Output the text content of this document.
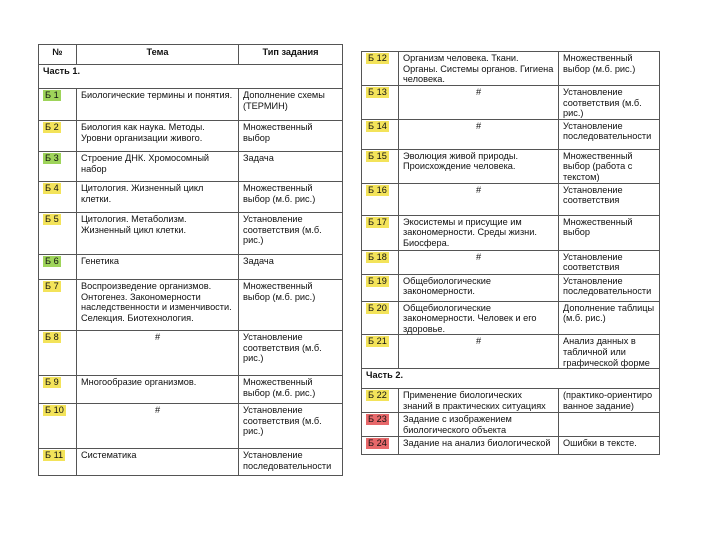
№	Тема	Тип задания
Часть 1.		
Б 1	Биологические термины и понятия.	Дополнение схемы (ТЕРМИН)
Б 2	Биология как наука. Методы. Уровни организации живого.	Множественный выбор
Б 3	Строение ДНК. Хромосомный набор	Задача
Б 4	Цитология. Жизненный цикл клетки.	Множественный выбор (м.б. рис.)
Б 5	Цитология. Метаболизм. Жизненный цикл клетки.	Установление соответствия (м.б. рис.)
Б 6	Генетика	Задача
Б 7	Воспроизведение организмов. Онтогенез. Закономерности наследственности и изменчивости. Селекция. Биотехнология.	Множественный выбор (м.б. рис.)
Б 8	#	Установление соответствия (м.б. рис.)
Б 9	Многообразие организмов.	Множественный выбор (м.б. рис.)
Б 10	#	Установление соответствия (м.б. рис.)
Б 11	Систематика	Установление последовательности
Б 12	Организм человека. Ткани. Органы. Системы органов. Гигиена человека.	Множественный выбор (м.б. рис.)
Б 13	#	Установление соответствия (м.б. рис.)
Б 14	#	Установление последовательности
Б 15	Эволюция живой природы. Происхождение человека.	Множественный выбор (работа с текстом)
Б 16	#	Установление соответствия
Б 17	Экосистемы и присущие им закономерности. Среды жизни. Биосфера.	Множественный выбор
Б 18	#	Установление соответствия
Б 19	Общебиологические закономерности.	Установление последовательности
Б 20	Общебиологические закономерности. Человек и его здоровье.	Дополнение таблицы (м.б. рис.)
Б 21	#	Анализ данных в табличной или графической форме
Часть 2.		
Б 22	Применение биологических знаний в практических ситуациях	(практико-ориентиро ванное задание)
Б 23	Задание с изображением биологического объекта	
Б 24	Задание на анализ биологической	Ошибки в тексте.
